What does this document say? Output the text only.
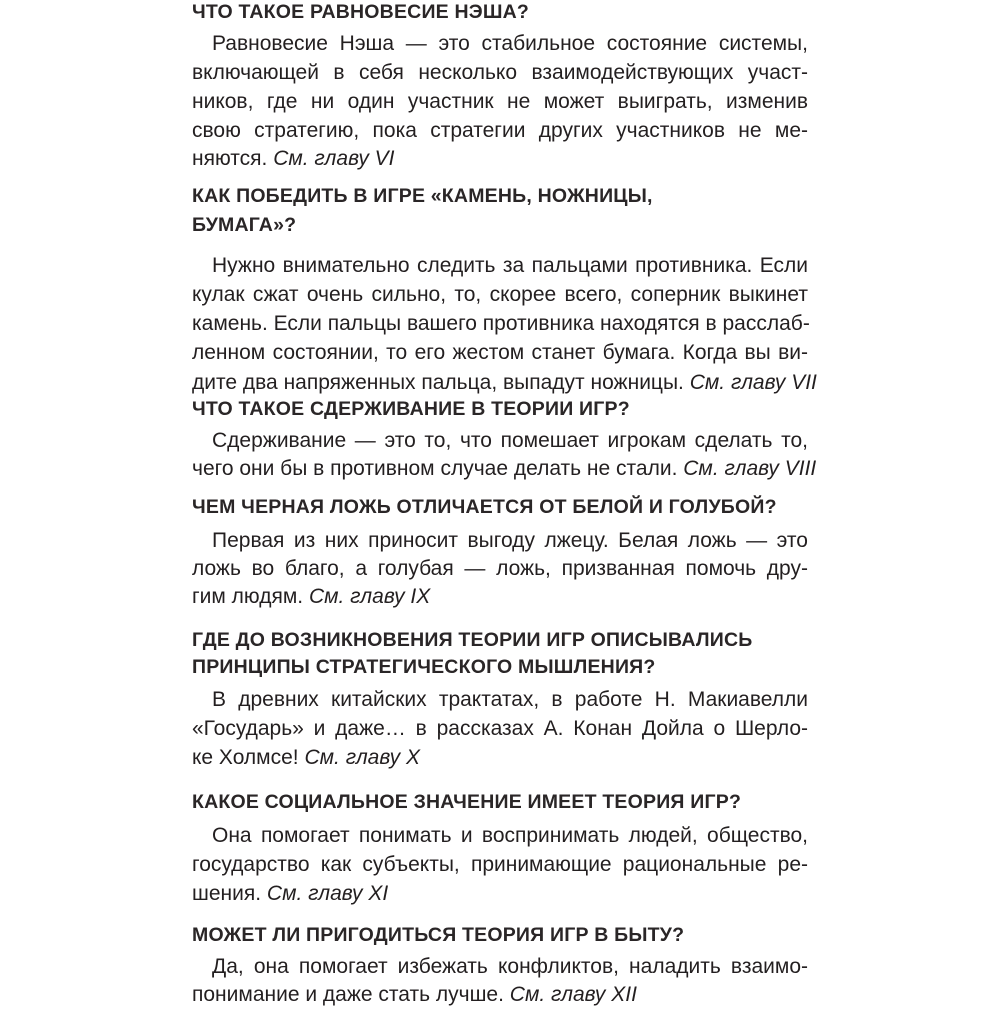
ЧТО ТАКОЕ РАВНОВЕСИЕ НЭША?
Равновесие Нэша — это стабильное состояние системы,
включающей в себя несколько взаимодействующих участ-
ников, где ни один участник не может выиграть, изменив
свою стратегию, пока стратегии других участников не ме-
няются. См. главу VI
КАК ПОБЕДИТЬ В ИГРЕ «КАМЕНЬ, НОЖНИЦЫ,
БУМАГА»?
Нужно внимательно следить за пальцами противника. Если
кулак сжат очень сильно, то, скорее всего, соперник выкинет
камень. Если пальцы вашего противника находятся в расслаб-
ленном состоянии, то его жестом станет бумага. Когда вы ви-
дите два напряженных пальца, выпадут ножницы. См. главу VII
ЧТО ТАКОЕ СДЕРЖИВАНИЕ В ТЕОРИИ ИГР?
Сдерживание — это то, что помешает игрокам сделать то,
чего они бы в противном случае делать не стали. См. главу VIII
ЧЕМ ЧЕРНАЯ ЛОЖЬ ОТЛИЧАЕТСЯ ОТ БЕЛОЙ И ГОЛУБОЙ?
Первая из них приносит выгоду лжецу. Белая ложь — это
ложь во благо, а голубая — ложь, призванная помочь дру-
гим людям. См. главу IX
ГДЕ ДО ВОЗНИКНОВЕНИЯ ТЕОРИИ ИГР ОПИСЫВАЛИСЬ
ПРИНЦИПЫ СТРАТЕГИЧЕСКОГО МЫШЛЕНИЯ?
В древних китайских трактатах, в работе Н. Макиавелли
«Государь» и даже… в рассказах А. Конан Дойла о Шерло-
ке Холмсе! См. главу X
КАКОЕ СОЦИАЛЬНОЕ ЗНАЧЕНИЕ ИМЕЕТ ТЕОРИЯ ИГР?
Она помогает понимать и воспринимать людей, общество,
государство как субъекты, принимающие рациональные ре-
шения. См. главу XI
МОЖЕТ ЛИ ПРИГОДИТЬСЯ ТЕОРИЯ ИГР В БЫТУ?
Да, она помогает избежать конфликтов, наладить взаимо-
понимание и даже стать лучше. См. главу XII
